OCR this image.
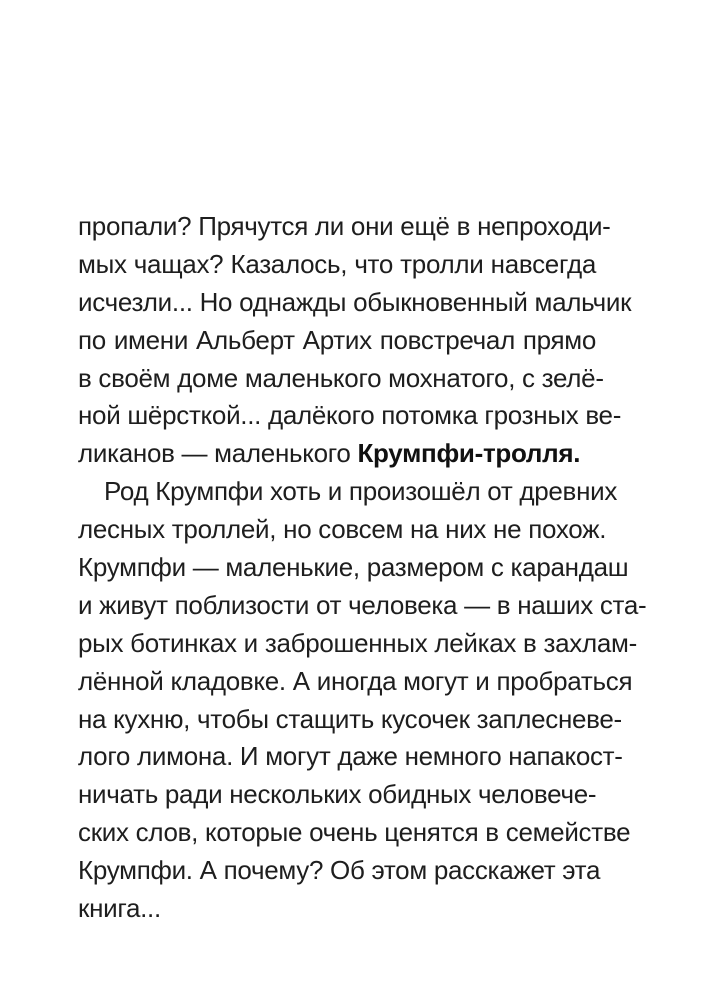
пропали? Прячутся ли они ещё в непроходи-
мых чащах? Казалось, что тролли навсегда
исчезли... Но однажды обыкновенный мальчик
по имени Альберт Артих повстречал прямо
в своём доме маленького мохнатого, с зелё-
ной шёрсткой... далёкого потомка грозных ве-
ликанов — маленького Крумпфи-тролля.
Род Крумпфи хоть и произошёл от древних
лесных троллей, но совсем на них не похож.
Крумпфи — маленькие, размером с карандаш
и живут поблизости от человека — в наших ста-
рых ботинках и заброшенных лейках в захлам-
лённой кладовке. А иногда могут и пробраться
на кухню, чтобы стащить кусочек заплесневе-
лого лимона. И могут даже немного напакост-
ничать ради нескольких обидных человече-
ских слов, которые очень ценятся в семействе
Крумпфи. А почему? Об этом расскажет эта
книга...
